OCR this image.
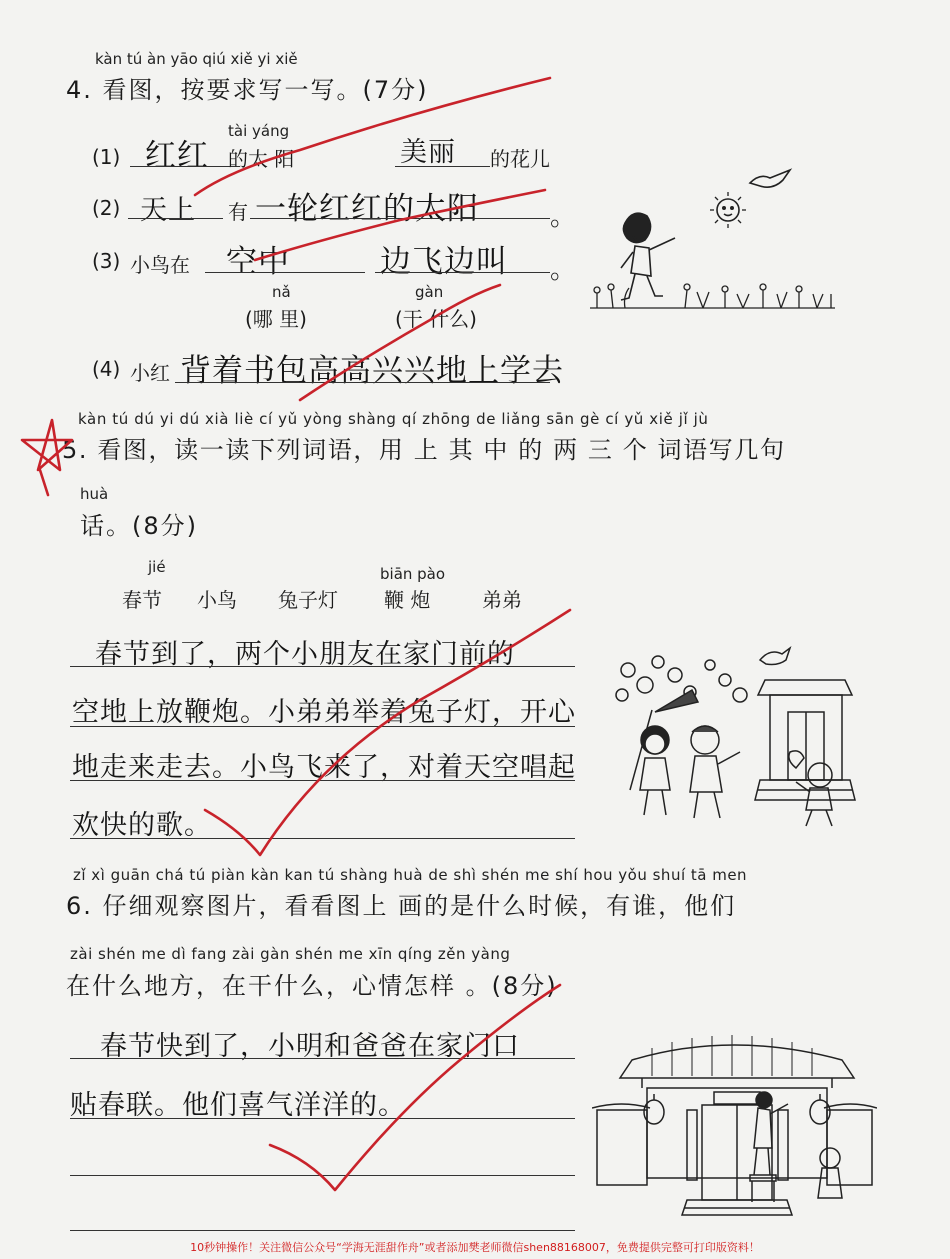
kàn tú àn yāo qiú xiě yi xiě
4. 看图，按要求写一写。(7分)
(1) 红红
tài yáng
的太 阳	美丽 的花儿
(2) 天上 有 一轮红红的太阳	。
(3) 小鸟在 空中	边飞边叫 。
nǎ
(哪 里)
gàn
(干 什么)
(4) 小红 背着书包高高兴兴地上学去
kàn tú dú yi dú xià liè cí yǔ yòng shàng qí zhōng de liǎng sān gè cí yǔ xiě jǐ jù
5. 看图，读一读下列词语，用 上 其 中 的 两 三 个 词语写几句
huà
话。(8分)
jié	biān pào
春节 小鸟 兔子灯 鞭 炮	弟弟
春节到了，两个小朋友在家门前的
空地上放鞭炮。小弟弟举着兔子灯，开心
地走来走去。小鸟飞来了，对着天空唱起
欢快的歌。
zǐ xì guān chá tú piàn kàn kan tú shàng huà de shì shén me shí hou yǒu shuí tā men
6. 仔细观察图片，看看图上 画的是什么时候，有谁，他们
zài shén me dì fang zài gàn shén me xīn qíng zěn yàng
在什么地方，在干什么，心情怎样 。(8分)
春节快到了，小明和爸爸在家门口
贴春联。他们喜气洋洋的。
10秒钟操作！关注微信公众号“学海无涯甜作舟”或者添加樊老师微信shen88168007，免费提供完整可打印版资料！
